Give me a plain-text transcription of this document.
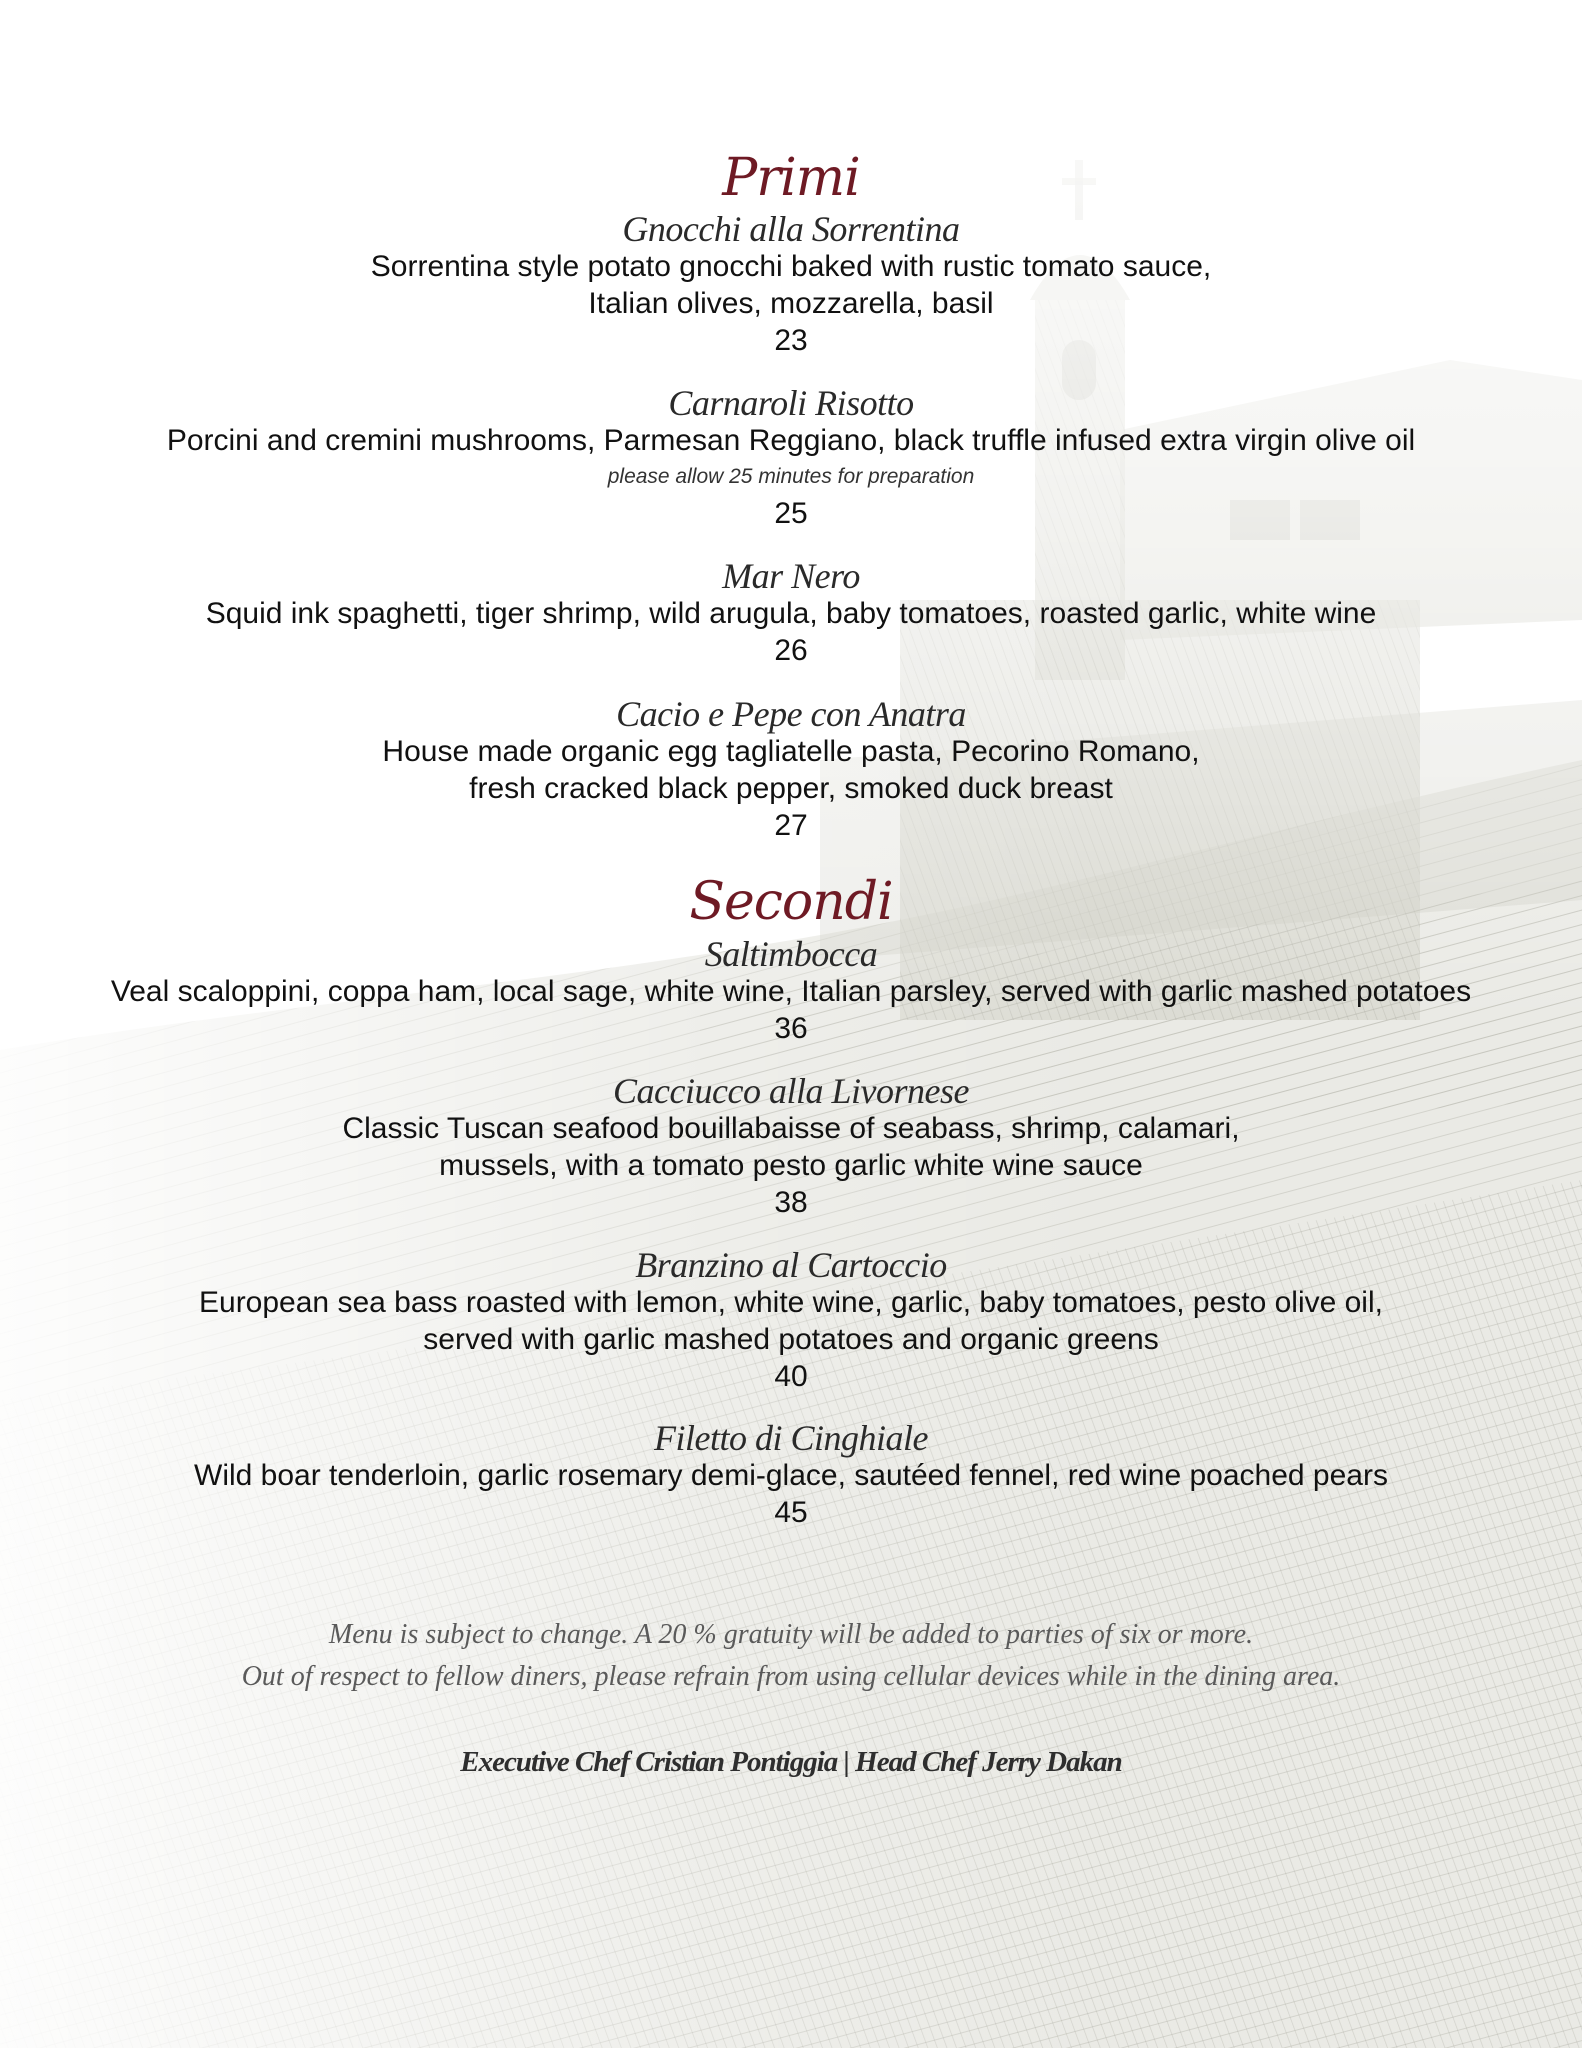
Primi
Gnocchi alla Sorrentina
Sorrentina style potato gnocchi baked with rustic tomato sauce,
Italian olives, mozzarella, basil
23
Carnaroli Risotto
Porcini and cremini mushrooms, Parmesan Reggiano, black truffle infused extra virgin olive oil
please allow 25 minutes for preparation
25
Mar Nero
Squid ink spaghetti, tiger shrimp, wild arugula, baby tomatoes, roasted garlic, white wine
26
Cacio e Pepe con Anatra
House made organic egg tagliatelle pasta, Pecorino Romano,
fresh cracked black pepper, smoked duck breast
27
Secondi
Saltimbocca
Veal scaloppini, coppa ham, local sage, white wine, Italian parsley, served with garlic mashed potatoes
36
Cacciucco alla Livornese
Classic Tuscan seafood bouillabaisse of seabass, shrimp, calamari,
mussels, with a tomato pesto garlic white wine sauce
38
Branzino al Cartoccio
European sea bass roasted with lemon, white wine, garlic, baby tomatoes, pesto olive oil,
served with garlic mashed potatoes and organic greens
40
Filetto di Cinghiale
Wild boar tenderloin, garlic rosemary demi-glace, sautéed fennel, red wine poached pears
45
Menu is subject to change. A 20 % gratuity will be added to parties of six or more.
Out of respect to fellow diners, please refrain from using cellular devices while in the dining area.
Executive Chef Cristian Pontiggia | Head Chef Jerry Dakan
